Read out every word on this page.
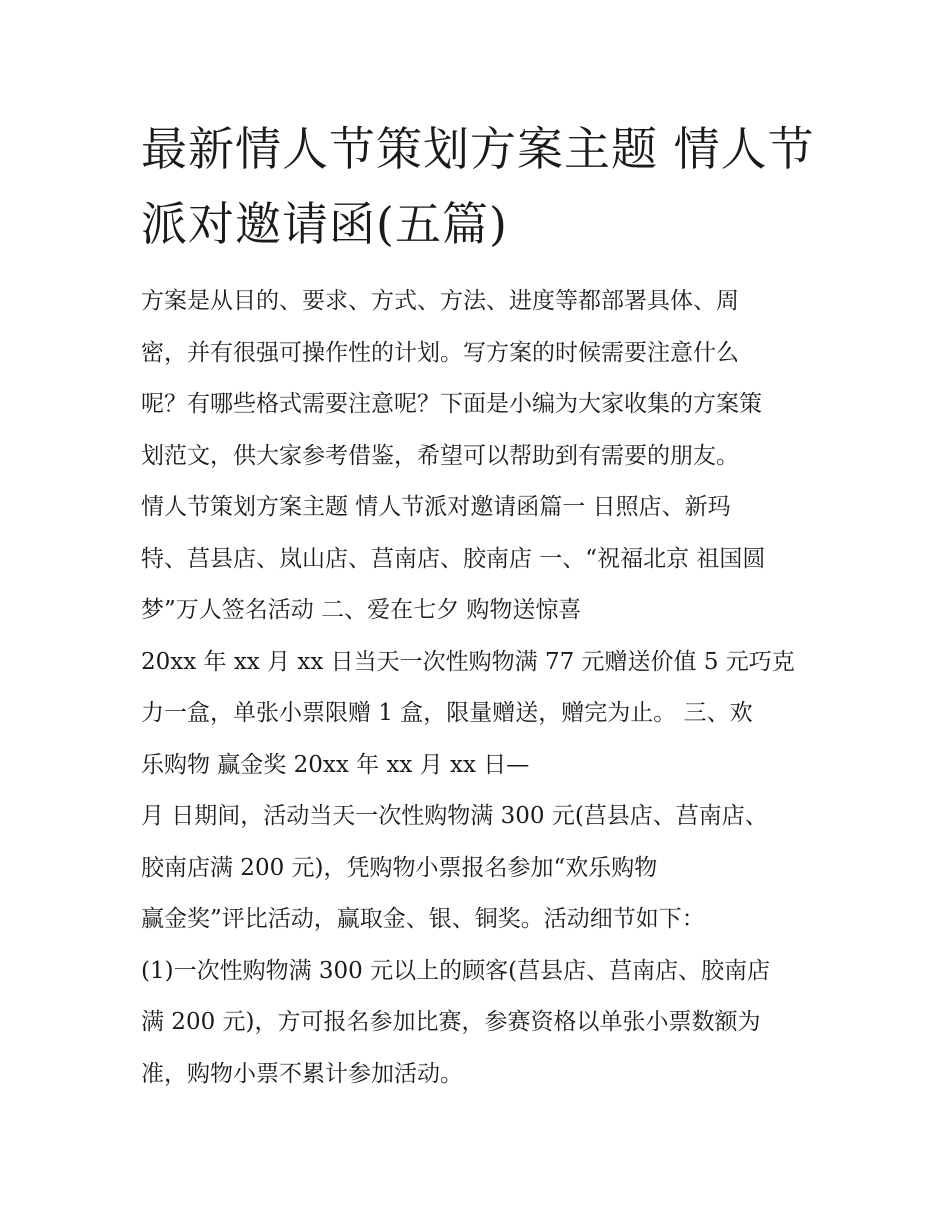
最新情人节策划方案主题 情人节派对邀请函(五篇)
方案是从目的、要求、方式、方法、进度等都部署具体、周
密，并有很强可操作性的计划。写方案的时候需要注意什么
呢？有哪些格式需要注意呢？下面是小编为大家收集的方案策
划范文，供大家参考借鉴，希望可以帮助到有需要的朋友。
情人节策划方案主题 情人节派对邀请函篇一 日照店、新玛
特、莒县店、岚山店、莒南店、胶南店 一、“祝福北京 祖国圆
梦”万人签名活动 二、爱在七夕 购物送惊喜
20xx 年 xx 月 xx 日当天一次性购物满 77 元赠送价值 5 元巧克
力一盒，单张小票限赠 1 盒，限量赠送，赠完为止。 三、欢
乐购物 赢金奖 20xx 年 xx 月 xx 日—
月 日期间，活动当天一次性购物满 300 元(莒县店、莒南店、
胶南店满 200 元)，凭购物小票报名参加“欢乐购物
赢金奖”评比活动，赢取金、银、铜奖。活动细节如下：
(1)一次性购物满 300 元以上的顾客(莒县店、莒南店、胶南店
满 200 元)，方可报名参加比赛，参赛资格以单张小票数额为
准，购物小票不累计参加活动。
